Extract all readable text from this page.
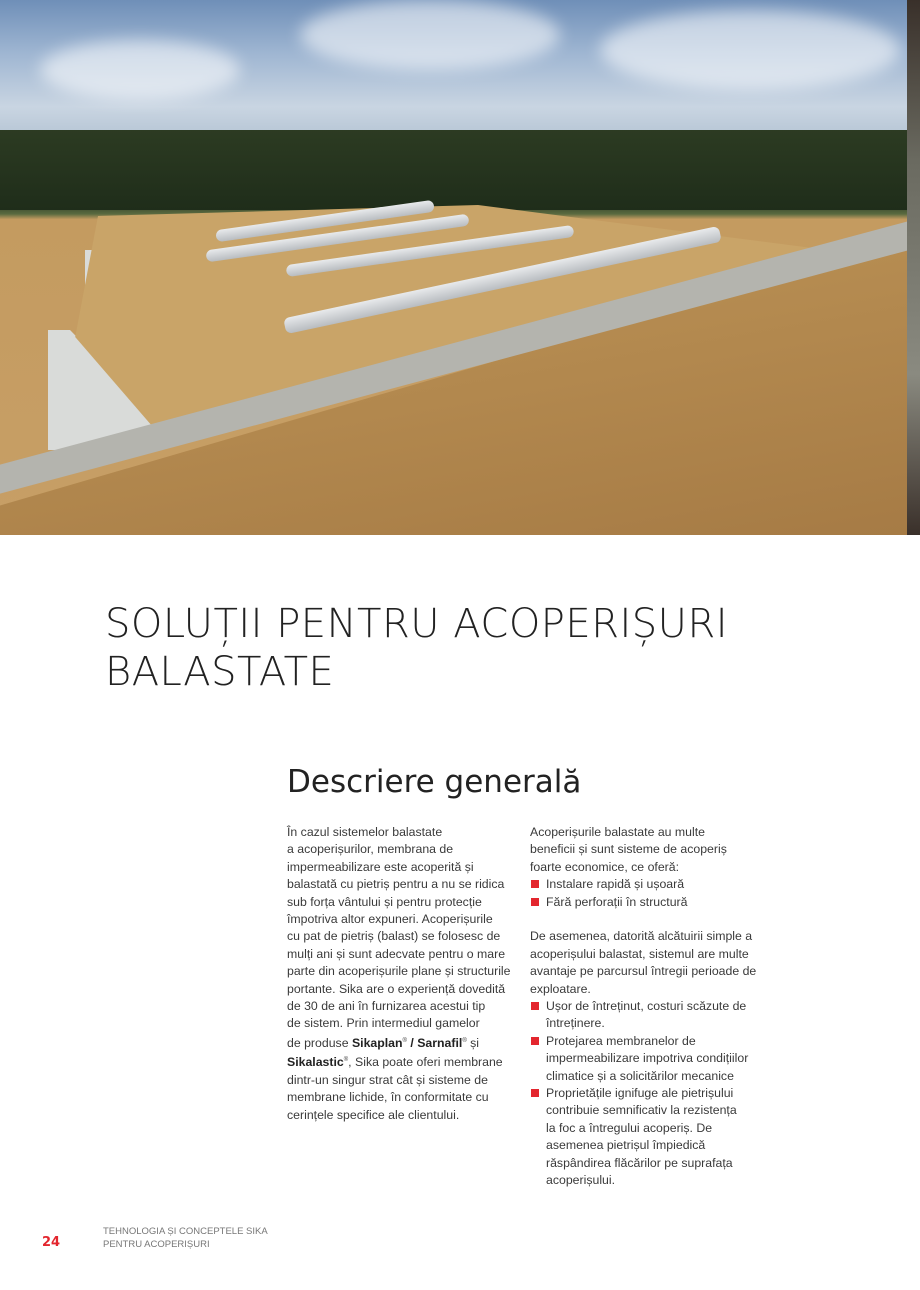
SOLUȚII PENTRU ACOPERIȘURI
BALASTATE
Descriere generală
În cazul sistemelor balastate
a acoperișurilor, membrana de
impermeabilizare este acoperită și
balastată cu pietriș pentru a nu se ridica
sub forța vântului și pentru protecție
împotriva altor expuneri. Acoperișurile
cu pat de pietriș (balast) se folosesc de
mulți ani și sunt adecvate pentru o mare
parte din acoperișurile plane și structurile
portante. Sika are o experiență dovedită
de 30 de ani în furnizarea acestui tip
de sistem. Prin intermediul gamelor
de produse Sikaplan® / Sarnafil® și
Sikalastic®, Sika poate oferi membrane
dintr-un singur strat cât și sisteme de
membrane lichide, în conformitate cu
cerințele specifice ale clientului.
Acoperișurile balastate au multe
beneficii și sunt sisteme de acoperiș
foarte economice, ce oferă:
Instalare rapidă și ușoară
Fără perforații în structură
De asemenea, datorită alcătuirii simple a
acoperișului balastat, sistemul are multe
avantaje pe parcursul întregii perioade de
exploatare.
Ușor de întreținut, costuri scăzute de
întreținere.
Protejarea membranelor de
impermeabilizare impotriva condițiilor
climatice și a solicitărilor mecanice
Proprietățile ignifuge ale pietrișului
contribuie semnificativ la rezistența
la foc a întregului acoperiș. De
asemenea pietrișul împiedică
răspândirea flăcărilor pe suprafața
acoperișului.
24
TEHNOLOGIA ȘI CONCEPTELE SIKA
PENTRU ACOPERIȘURI
